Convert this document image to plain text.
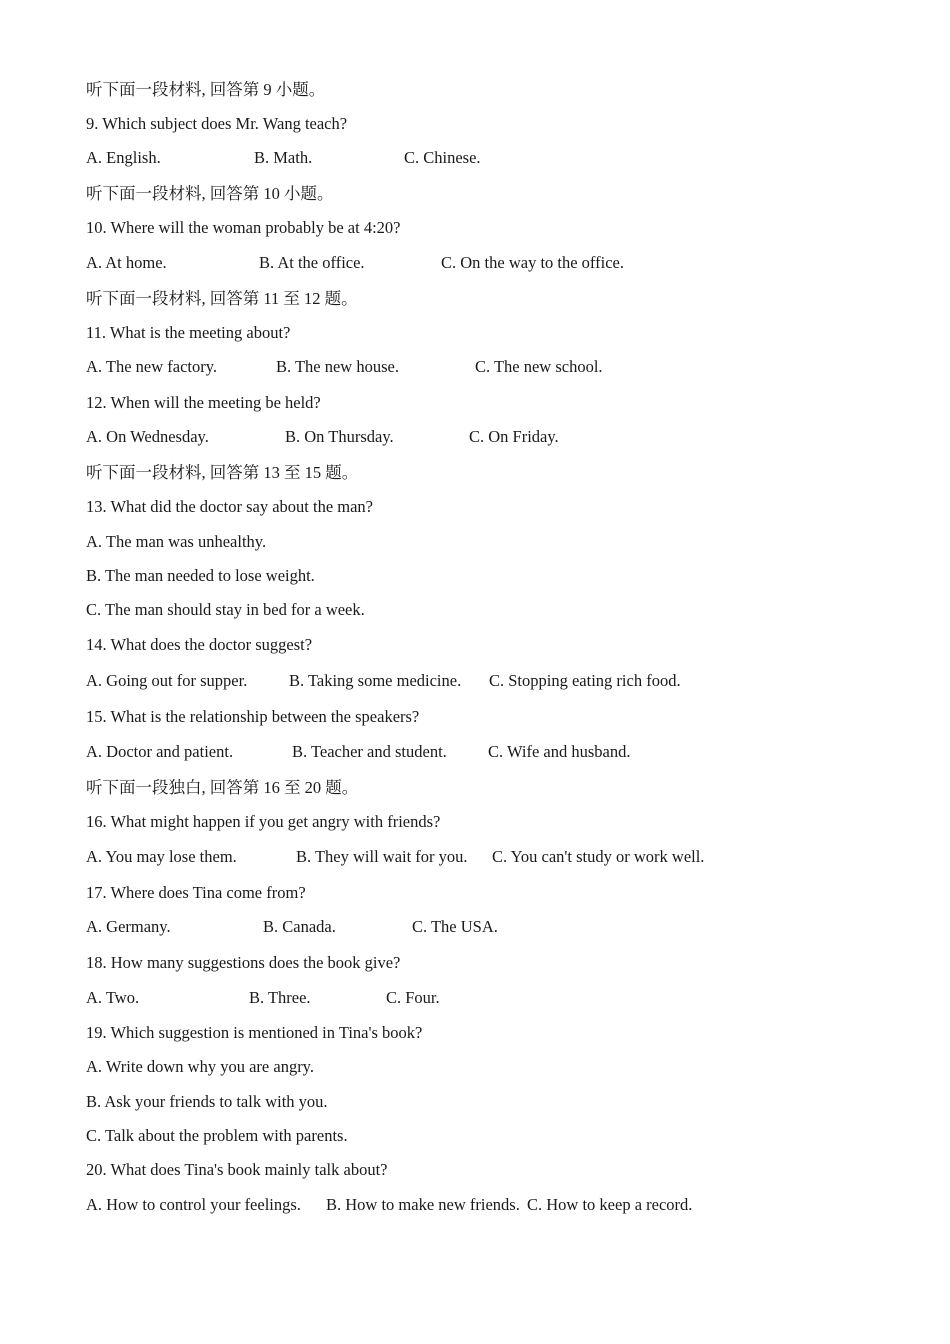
听下面一段材料, 回答第 9 小题。
9. Which subject does Mr. Wang teach?
A. English.	B. Math.	C. Chinese.
听下面一段材料, 回答第 10 小题。
10. Where will the woman probably be at 4:20?
A. At home.	B. At the office.	C. On the way to the office.
听下面一段材料, 回答第 11 至 12 题。
11. What is the meeting about?
A. The new factory.	B. The new house.	C. The new school.
12. When will the meeting be held?
A. On Wednesday.	B. On Thursday.	C. On Friday.
听下面一段材料, 回答第 13 至 15 题。
13. What did the doctor say about the man?
A. The man was unhealthy.
B. The man needed to lose weight.
C. The man should stay in bed for a week.
14. What does the doctor suggest?
A. Going out for supper.	B. Taking some medicine. C. Stopping eating rich food.
15. What is the relationship between the speakers?
A. Doctor and patient.	B. Teacher and student. C. Wife and husband.
听下面一段独白, 回答第 16 至 20 题。
16. What might happen if you get angry with friends?
A. You may lose them.	B. They will wait for you. C. You can't study or work well.
17. Where does Tina come from?
A. Germany.	B. Canada.	C. The USA.
18. How many suggestions does the book give?
A. Two.	B. Three.	C. Four.
19. Which suggestion is mentioned in Tina's book?
A. Write down why you are angry.
B. Ask your friends to talk with you.
C. Talk about the problem with parents.
20. What does Tina's book mainly talk about?
A. How to control your feelings. B. How to make new friends. C. How to keep a record.
